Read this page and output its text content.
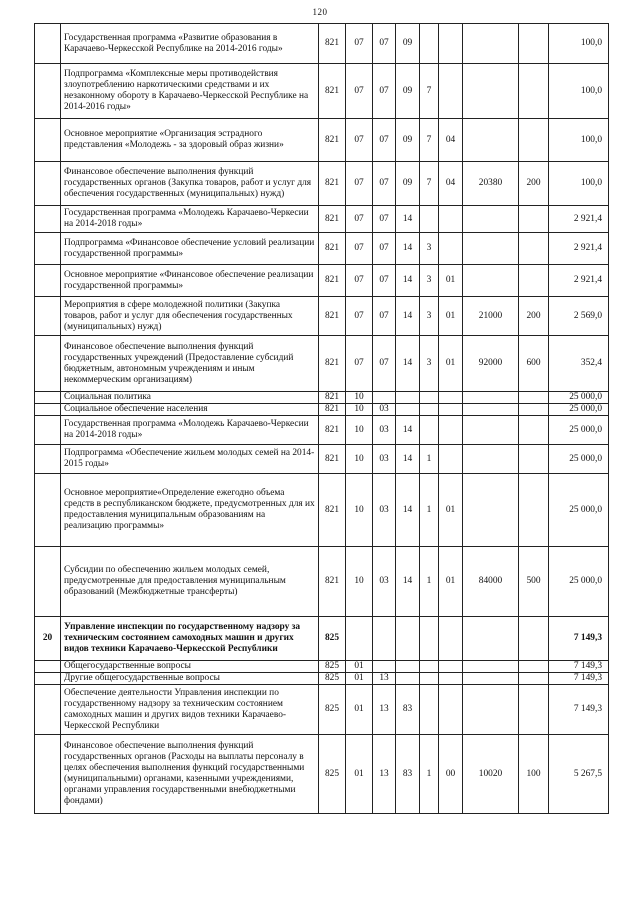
120
	Государственная программа «Развитие образования в Карачаево-Черкесской Республике на 2014-2016 годы»	821	07	07	09					100,0
	Подпрограмма «Комплексные меры противодействия злоупотреблению наркотическими средствами и их незаконному обороту в Карачаево-Черкесской Республике на 2014-2016 годы»	821	07	07	09	7				100,0
	Основное мероприятие «Организация эстрадного представления «Молодежь - за здоровый образ жизни»	821	07	07	09	7	04			100,0
	Финансовое обеспечение выполнения функций государственных органов (Закупка товаров, работ и услуг для обеспечения государственных (муниципальных) нужд)	821	07	07	09	7	04	20380	200	100,0
	Государственная программа «Молодежь Карачаево-Черкесии на 2014-2018 годы»	821	07	07	14					2 921,4
	Подпрограмма «Финансовое обеспечение условий реализации государственной программы»	821	07	07	14	3				2 921,4
	Основное мероприятие «Финансовое обеспечение реализации государственной программы»	821	07	07	14	3	01			2 921,4
	Мероприятия в сфере молодежной политики (Закупка товаров, работ и услуг для обеспечения государственных (муниципальных) нужд)	821	07	07	14	3	01	21000	200	2 569,0
	Финансовое обеспечение выполнения функций государственных учреждений (Предоставление субсидий бюджетным, автономным учреждениям и иным некоммерческим организациям)	821	07	07	14	3	01	92000	600	352,4
	Социальная политика	821	10							25 000,0
	Социальное обеспечение населения	821	10	03						25 000,0
	Государственная программа «Молодежь Карачаево-Черкесии на 2014-2018 годы»	821	10	03	14					25 000,0
	Подпрограмма «Обеспечение жильем молодых семей на 2014-2015 годы»	821	10	03	14	1				25 000,0
	Основное мероприятие«Определение ежегодно объема средств в республиканском бюджете, предусмотренных для их предоставления муниципальным образованиям на реализацию программы»	821	10	03	14	1	01			25 000,0
	Субсидии по обеспечению жильем молодых семей, предусмотренные для предоставления муниципальным образований (Межбюджетные трансферты)	821	10	03	14	1	01	84000	500	25 000,0
20	Управление инспекции по государственному надзору за техническим состоянием самоходных машин и других видов техники Карачаево-Черкесской Республики	825								7 149,3
	Общегосударственные вопросы	825	01							7 149,3
	Другие общегосударственные вопросы	825	01	13						7 149,3
	Обеспечение деятельности Управления инспекции по государственному надзору за техническим состоянием самоходных машин и других видов техники Карачаево-Черкесской Республики	825	01	13	83					7 149,3
	Финансовое обеспечение выполнения функций государственных органов (Расходы на выплаты персоналу в целях обеспечения выполнения функций государственными (муниципальными) органами, казенными учреждениями, органами управления государственными внебюджетными фондами)	825	01	13	83	1	00	10020	100	5 267,5
